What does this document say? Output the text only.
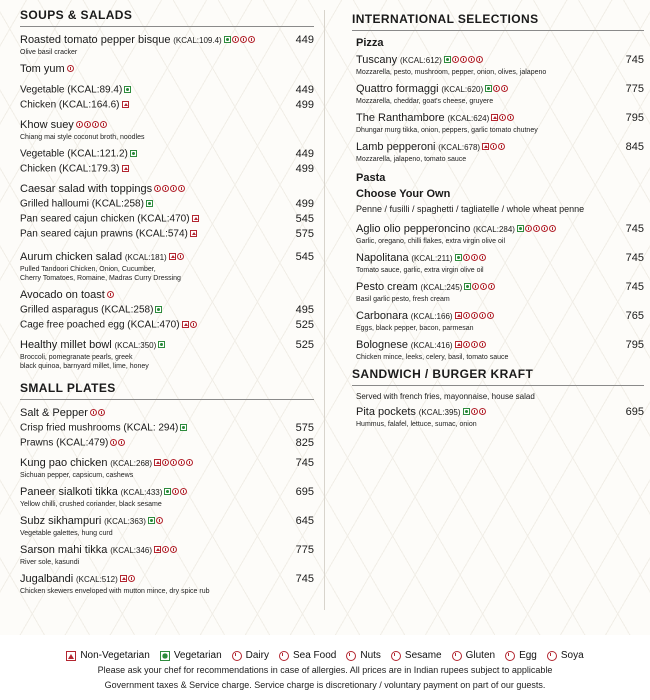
SOUPS & SALADS
Roasted tomato pepper bisque (KCAL:109.4)	449
Olive basil cracker
Tom yum
Vegetable (KCAL:89.4)	449
Chicken (KCAL:164.6)	499
Khow suey
Chiang mai style coconut broth, noodles
Vegetable (KCAL:121.2)	449
Chicken (KCAL:179.3)	499
Caesar salad with toppings
Grilled halloumi (KCAL:258)	499
Pan seared cajun chicken (KCAL:470)	545
Pan seared cajun prawns (KCAL:574)	575
Aurum chicken salad (KCAL:181)	545
Pulled Tandoori Chicken, Onion, Cucumber,
Cherry Tomatoes, Romaine, Madras Curry Dressing
Avocado on toast
Grilled asparagus (KCAL:258)	495
Cage free poached egg (KCAL:470)	525
Healthy millet bowl (KCAL:350)	525
Broccoli, pomegranate pearls, greek
black quinoa, barnyard millet, lime, honey
SMALL PLATES
Salt & Pepper
Crisp fried mushrooms (KCAL: 294)	575
Prawns (KCAL:479)	825
Kung pao chicken (KCAL:268)	745
Sichuan pepper, capsicum, cashews
Paneer sialkoti tikka (KCAL:433)	695
Yellow chilli, crushed coriander, black sesame
Subz sikhampuri (KCAL:363)	645
Vegetable galettes, hung curd
Sarson mahi tikka (KCAL:346)	775
River sole, kasundi
Jugalbandi (KCAL:512)	745
Chicken skewers enveloped with mutton mince, dry spice rub
INTERNATIONAL SELECTIONS
Pizza
Tuscany (KCAL:612)	745
Mozzarella, pesto, mushroom, pepper, onion, olives, jalapeno
Quattro formaggi (KCAL:620)	775
Mozzarella, cheddar, goat's cheese, gruyere
The Ranthambore (KCAL:624)	795
Dhungar murg tikka, onion, peppers, garlic tomato chutney
Lamb pepperoni (KCAL:678)	845
Mozzarella, jalapeno, tomato sauce
Pasta
Choose Your Own
Penne / fusilli / spaghetti / tagliatelle / whole wheat penne
Aglio olio pepperoncino (KCAL:284)	745
Garlic, oregano, chilli flakes, extra virgin olive oil
Napolitana (KCAL:211)	745
Tomato sauce, garlic, extra virgin olive oil
Pesto cream (KCAL:245)	745
Basil garlic pesto, fresh cream
Carbonara (KCAL:166)	765
Eggs, black pepper, bacon, parmesan
Bolognese (KCAL:416)	795
Chicken mince, leeks, celery, basil, tomato sauce
SANDWICH / BURGER KRAFT
Served with french fries, mayonnaise, house salad
Pita pockets (KCAL:395)	695
Hummus, falafel, lettuce, sumac, onion
Non-Vegetarian Vegetarian Dairy Sea Food Nuts Sesame Gluten Egg Soya
Please ask your chef for recommendations in case of allergies. All prices are in Indian rupees subject to applicable
Government taxes & Service charge. Service charge is discretionary / voluntary payment on part of our guests.
